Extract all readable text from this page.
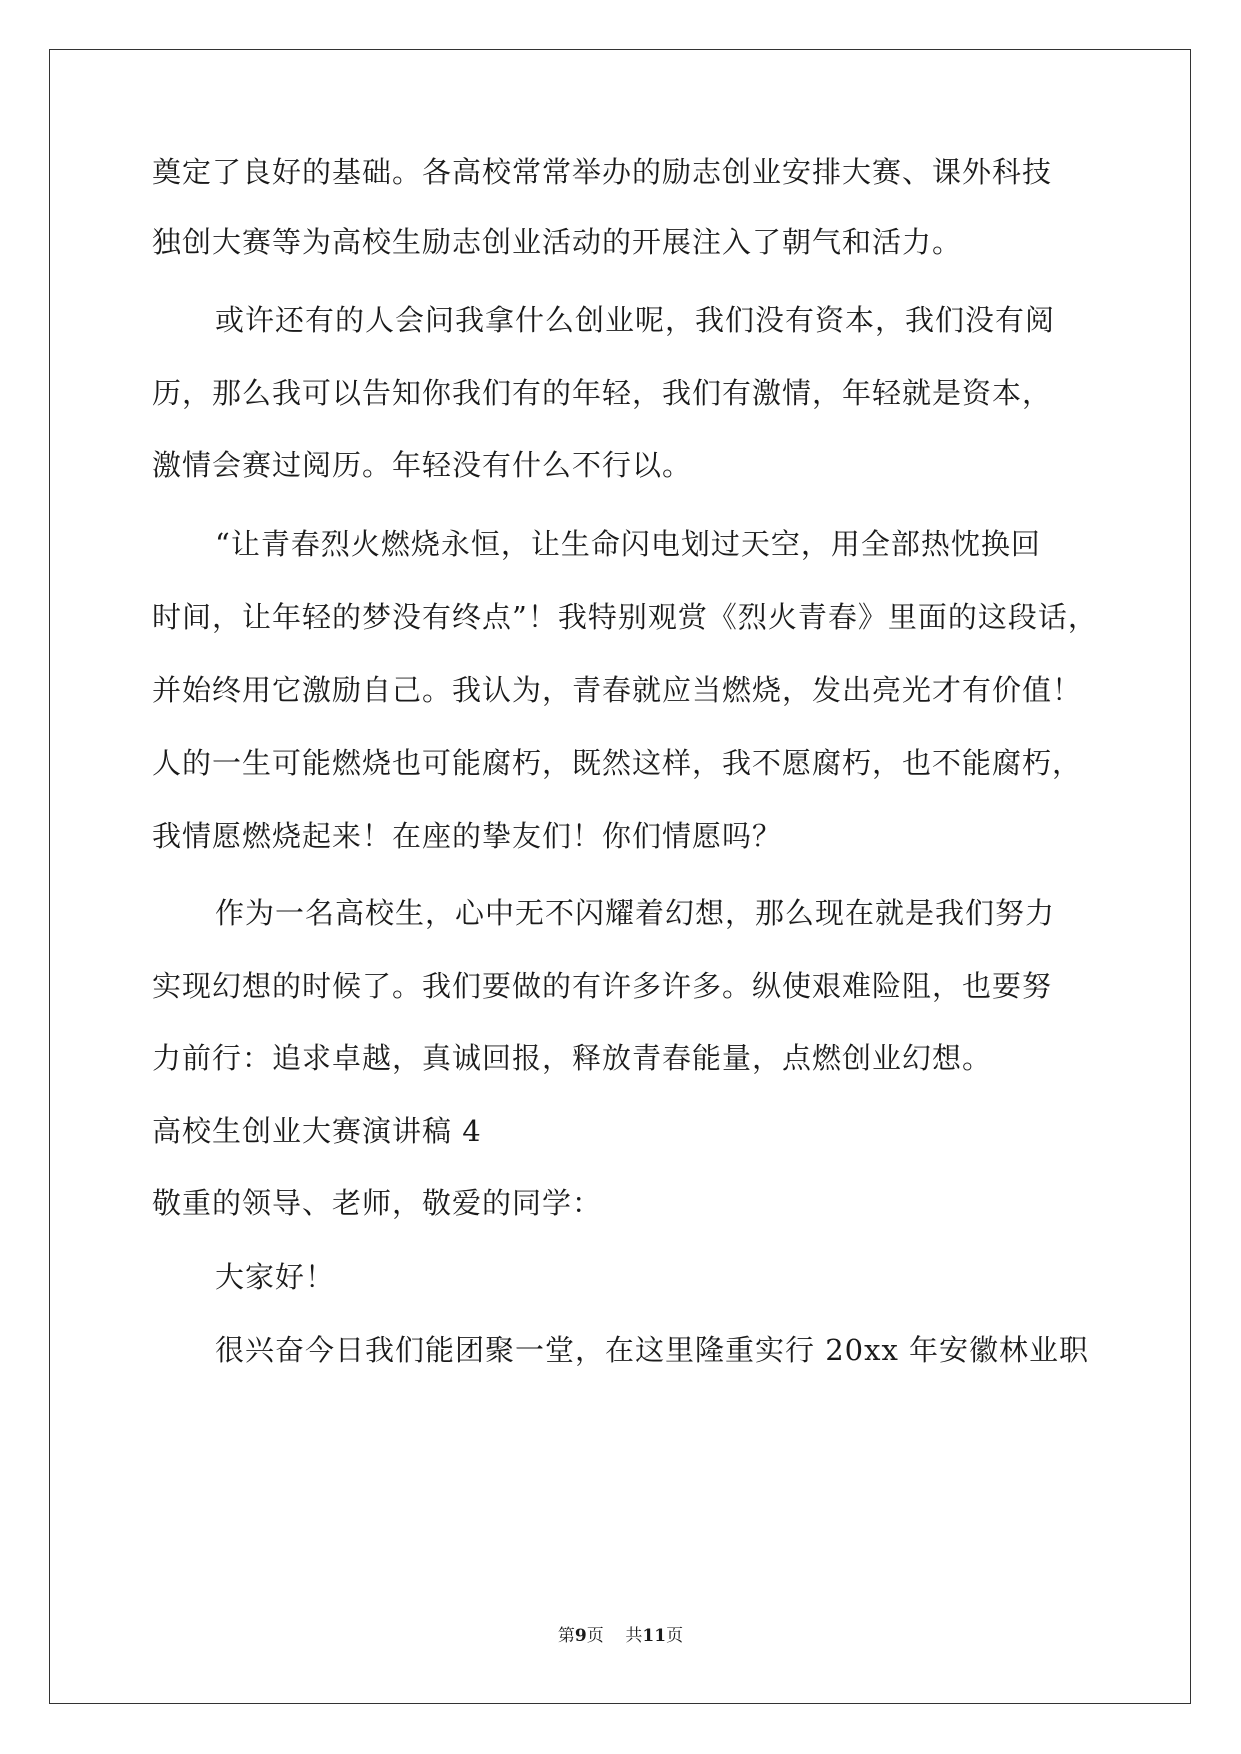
奠定了良好的基础。各高校常常举办的励志创业安排大赛、课外科技
独创大赛等为高校生励志创业活动的开展注入了朝气和活力。
或许还有的人会问我拿什么创业呢，我们没有资本，我们没有阅
历，那么我可以告知你我们有的年轻，我们有激情，年轻就是资本，
激情会赛过阅历。年轻没有什么不行以。
“让青春烈火燃烧永恒，让生命闪电划过天空，用全部热忱换回
时间，让年轻的梦没有终点”！我特别观赏《烈火青春》里面的这段话，
并始终用它激励自己。我认为，青春就应当燃烧，发出亮光才有价值！
人的一生可能燃烧也可能腐朽，既然这样，我不愿腐朽，也不能腐朽，
我情愿燃烧起来！在座的挚友们！你们情愿吗？
作为一名高校生，心中无不闪耀着幻想，那么现在就是我们努力
实现幻想的时候了。我们要做的有许多许多。纵使艰难险阻，也要努
力前行：追求卓越，真诚回报，释放青春能量，点燃创业幻想。
高校生创业大赛演讲稿 4
敬重的领导、老师，敬爱的同学：
大家好！
很兴奋今日我们能团聚一堂，在这里隆重实行 20xx 年安徽林业职
第9页    共11页
